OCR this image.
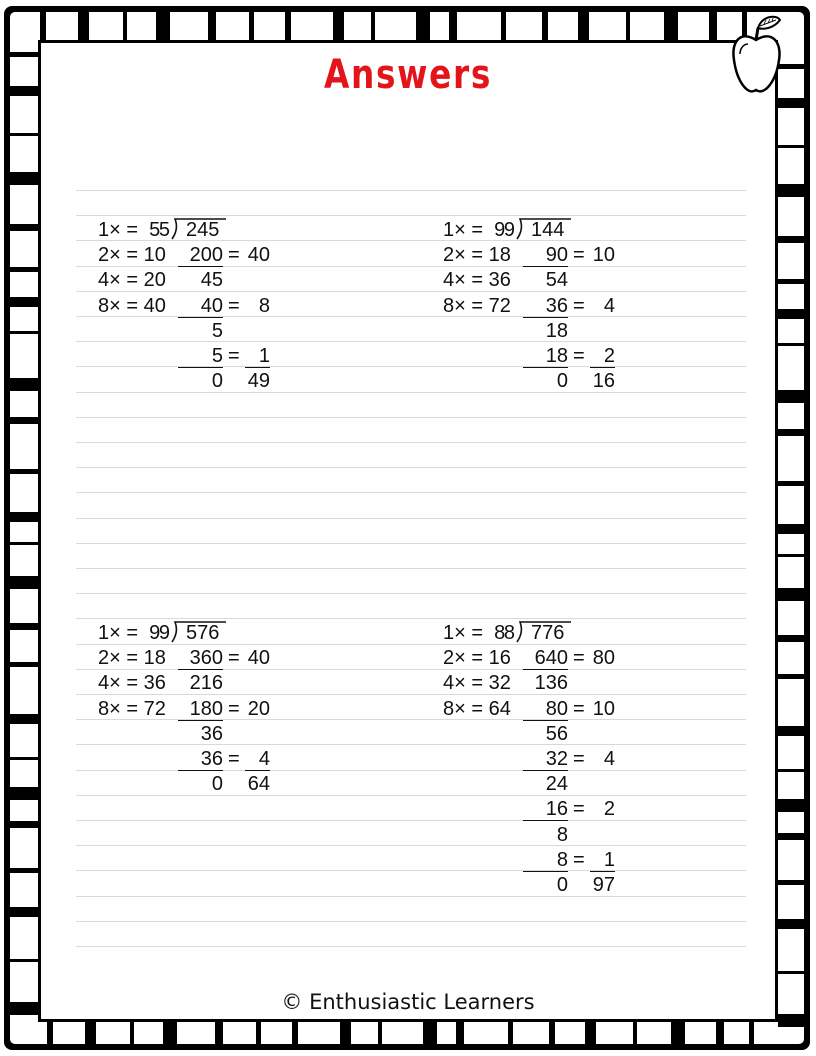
Answers
1× =  5
2× = 10
4× = 20
8× = 40
5 245
200 = 40
45
40 = 8
5
5 = 1
0 49
1× =  9
2× = 18
4× = 36
8× = 72
9 144
90 = 10
54
36 = 4
18
18 = 2
0 16
1× =  9
2× = 18
4× = 36
8× = 72
9 576
360 = 40
216
180 = 20
36
36 = 4
0 64
1× =  8
2× = 16
4× = 32
8× = 64
8 776
640 = 80
136
80 = 10
56
32 = 4
24
16 = 2
8
8 = 1
0 97
© Enthusiastic Learners
